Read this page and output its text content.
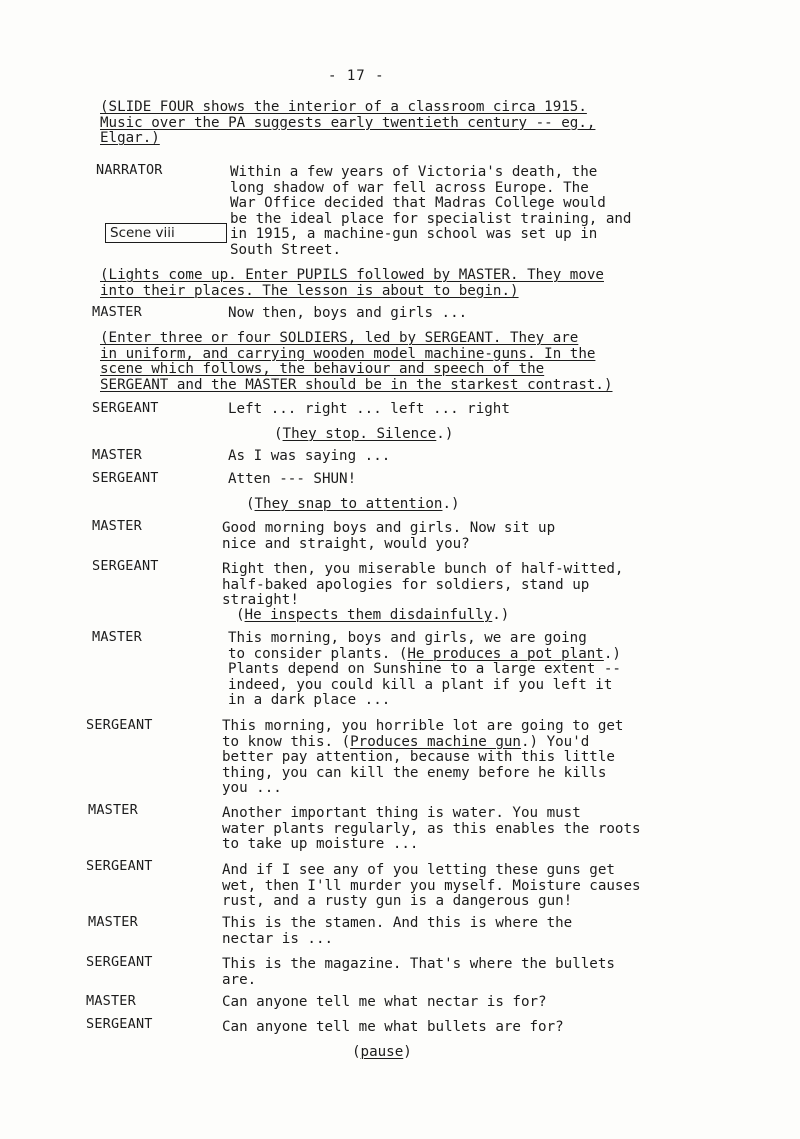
- 17 -
(SLIDE FOUR shows the interior of a classroom circa 1915.
Music over the PA suggests early twentieth century -- eg.,
Elgar.)
NARRATOR	Within a few years of Victoria's death, the
long shadow of war fell across Europe. The
War Office decided that Madras College would
be the ideal place for specialist training, and
in 1915, a machine-gun school was set up in
South Street.
Scene viii
(Lights come up. Enter PUPILS followed by MASTER. They move
into their places. The lesson is about to begin.)
MASTER	Now then, boys and girls ...
(Enter three or four SOLDIERS, led by SERGEANT. They are
in uniform, and carrying wooden model machine-guns. In the
scene which follows, the behaviour and speech of the
SERGEANT and the MASTER should be in the starkest contrast.)
SERGEANT	Left ... right ... left ... right
(They stop. Silence.)
MASTER	As I was saying ...
SERGEANT	Atten --- SHUN!
(They snap to attention.)
MASTER	Good morning boys and girls. Now sit up
nice and straight, would you?
SERGEANT	Right then, you miserable bunch of half-witted,
half-baked apologies for soldiers, stand up
straight!
(He inspects them disdainfully.)
MASTER	This morning, boys and girls, we are going
to consider plants. (He produces a pot plant.)
Plants depend on Sunshine to a large extent --
indeed, you could kill a plant if you left it
in a dark place ...
SERGEANT	This morning, you horrible lot are going to get
to know this. (Produces machine gun.) You'd
better pay attention, because with this little
thing, you can kill the enemy before he kills
you ...
MASTER	Another important thing is water. You must
water plants regularly, as this enables the roots
to take up moisture ...
SERGEANT	And if I see any of you letting these guns get
wet, then I'll murder you myself. Moisture causes
rust, and a rusty gun is a dangerous gun!
MASTER	This is the stamen. And this is where the
nectar is ...
SERGEANT	This is the magazine. That's where the bullets
are.
MASTER	Can anyone tell me what nectar is for?
SERGEANT	Can anyone tell me what bullets are for?
(pause)
